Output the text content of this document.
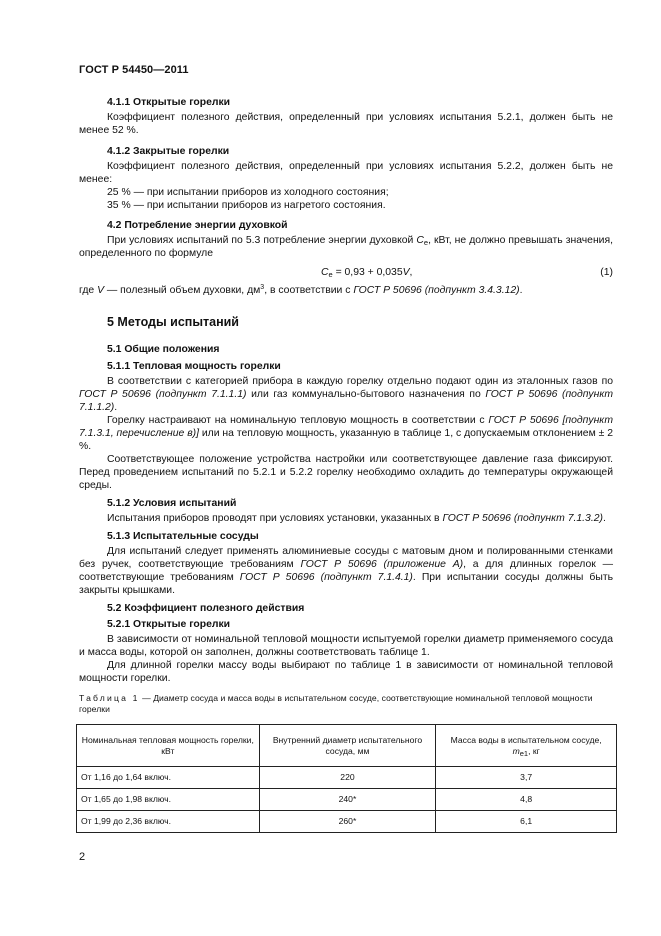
ГОСТ Р 54450—2011

4.1.1 Открытые горелки

Коэффициент полезного действия, определенный при условиях испытания 5.2.1, должен быть не менее 52 %.

4.1.2 Закрытые горелки

Коэффициент полезного действия, определенный при условиях испытания 5.2.2, должен быть не менее:

25 % — при испытании приборов из холодного состояния;

35 % — при испытании приборов из нагретого состояния.

4.2 Потребление энергии духовкой

При условиях испытаний по 5.3 потребление энергии духовкой $C_e$, кВт, не должно превышать значения, определенного по формуле

$C_e = 0,93 + 0,035V$,	(1)

где V — полезный объем духовки, $дм^3$, в соответствии с ГОСТ Р 50696 (подпункт 3.4.3.12).

5 Методы испытаний

5.1 Общие положения

5.1.1 Тепловая мощность горелки

В соответствии с категорией прибора в каждую горелку отдельно подают один из эталонных газов по ГОСТ Р 50696 (подпункт 7.1.1.1) или газ коммунально-бытового назначения по ГОСТ Р 50696 (подпункт 7.1.1.2).

Горелку настраивают на номинальную тепловую мощность в соответствии с ГОСТ Р 50696 [подпункт 7.1.3.1, перечисление в)] или на тепловую мощность, указанную в таблице 1, с допускаемым отклонением ± 2 %.

Соответствующее положение устройства настройки или соответствующее давление газа фиксируют. Перед проведением испытаний по 5.2.1 и 5.2.2 горелку необходимо охладить до температуры окружающей среды.

5.1.2 Условия испытаний

Испытания приборов проводят при условиях установки, указанных в ГОСТ Р 50696 (подпункт 7.1.3.2).

5.1.3 Испытательные сосуды

Для испытаний следует применять алюминиевые сосуды с матовым дном и полированными стенками без ручек, соответствующие требованиям ГОСТ Р 50696 (приложение А), а для длинных горелок — соответствующие требованиям ГОСТ Р 50696 (подпункт 7.1.4.1). При испытании сосуды должны быть закрыты крышками.

5.2 Коэффициент полезного действия

5.2.1 Открытые горелки

В зависимости от номинальной тепловой мощности испытуемой горелки диаметр применяемого сосуда и масса воды, которой он заполнен, должны соответствовать таблице 1.

Для длинной горелки массу воды выбирают по таблице 1 в зависимости от номинальной тепловой мощности горелки.

Таблица 1 — Диаметр сосуда и масса воды в испытательном сосуде, соответствующие номинальной тепловой мощности горелки

Номинальная тепловая мощность горелки, кВт	Внутренний диаметр испытательного сосуда, мм	Масса воды в испытательном сосуде,
$m_{e1}$, кг
От 1,16 до 1,64 включ.	220	3,7
От 1,65 до 1,98 включ.	240*	4,8
От 1,99 до 2,36 включ.	260*	6,1
2
